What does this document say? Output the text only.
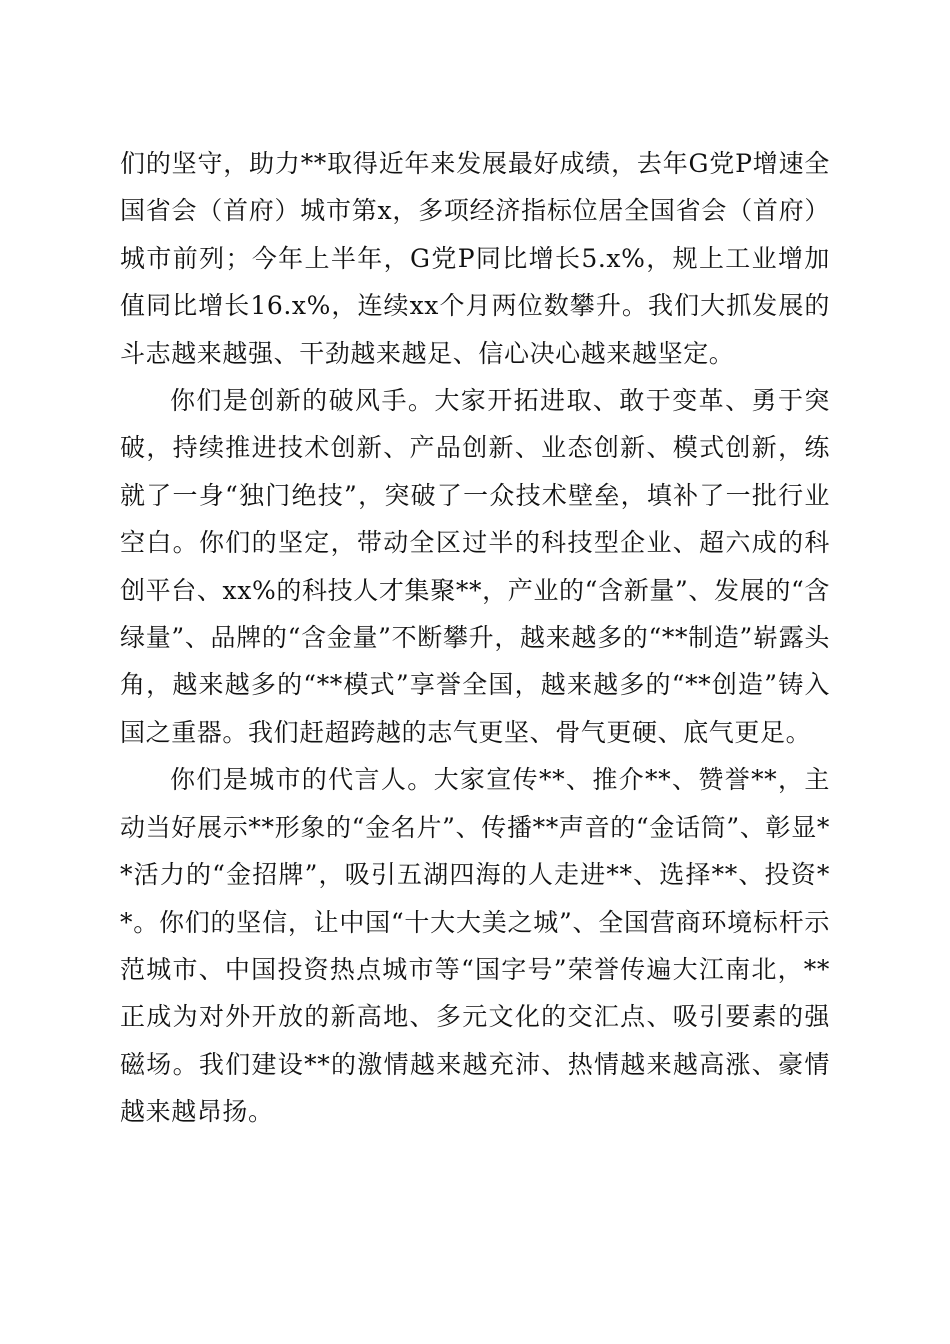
们的坚守，助力**取得近年来发展最好成绩，去年G党P增速全国省会（首府）城市第x，多项经济指标位居全国省会（首府）城市前列；今年上半年，G党P同比增长5.x%，规上工业增加值同比增长16.x%，连续xx个月两位数攀升。我们大抓发展的斗志越来越强、干劲越来越足、信心决心越来越坚定。

你们是创新的破风手。大家开拓进取、敢于变革、勇于突破，持续推进技术创新、产品创新、业态创新、模式创新，练就了一身“独门绝技”，突破了一众技术壁垒，填补了一批行业空白。你们的坚定，带动全区过半的科技型企业、超六成的科创平台、xx%的科技人才集聚**，产业的“含新量”、发展的“含绿量”、品牌的“含金量”不断攀升，越来越多的“**制造”崭露头角，越来越多的“**模式”享誉全国，越来越多的“**创造”铸入国之重器。我们赶超跨越的志气更坚、骨气更硬、底气更足。

你们是城市的代言人。大家宣传**、推介**、赞誉**，主动当好展示**形象的“金名片”、传播**声音的“金话筒”、彰显**活力的“金招牌”，吸引五湖四海的人走进**、选择**、投资**。你们的坚信，让中国“十大大美之城”、全国营商环境标杆示范城市、中国投资热点城市等“国字号”荣誉传遍大江南北，**正成为对外开放的新高地、多元文化的交汇点、吸引要素的强磁场。我们建设**的激情越来越充沛、热情越来越高涨、豪情越来越昂扬。
